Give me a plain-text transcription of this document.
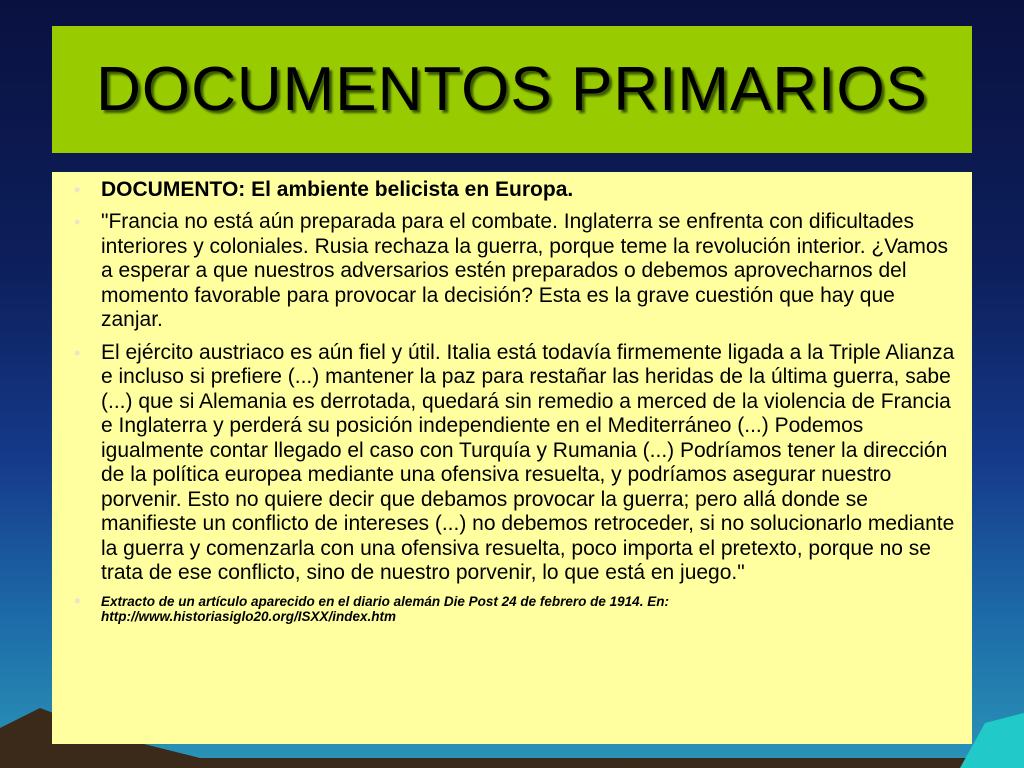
DOCUMENTOS PRIMARIOS
• DOCUMENTO: El ambiente belicista en Europa.
• "Francia no está aún preparada para el combate. Inglaterra se enfrenta con dificultades interiores y coloniales. Rusia rechaza la guerra, porque teme la revolución interior. ¿Vamos a esperar a que nuestros adversarios estén preparados o debemos aprovecharnos del momento favorable para provocar la decisión? Esta es la grave cuestión que hay que zanjar.
• El ejército austriaco es aún fiel y útil. Italia está todavía firmemente ligada a la Triple Alianza e incluso si prefiere (...) mantener la paz para restañar las heridas de la última guerra, sabe (...) que si Alemania es derrotada, quedará sin remedio a merced de la violencia de Francia e Inglaterra y perderá su posición independiente en el Mediterráneo (...) Podemos igualmente contar llegado el caso con Turquía y Rumania (...) Podríamos tener la dirección de la política europea mediante una ofensiva resuelta, y podríamos asegurar nuestro porvenir. Esto no quiere decir que debamos provocar la guerra; pero allá donde se manifieste un conflicto de intereses (...) no debemos retroceder, si no solucionarlo mediante la guerra y comenzarla con una ofensiva resuelta, poco importa el pretexto, porque no se trata de ese conflicto, sino de nuestro porvenir, lo que está en juego."
• Extracto de un artículo aparecido en el diario alemán Die Post 24 de febrero de 1914. En: http://www.historiasiglo20.org/ISXX/index.htm
